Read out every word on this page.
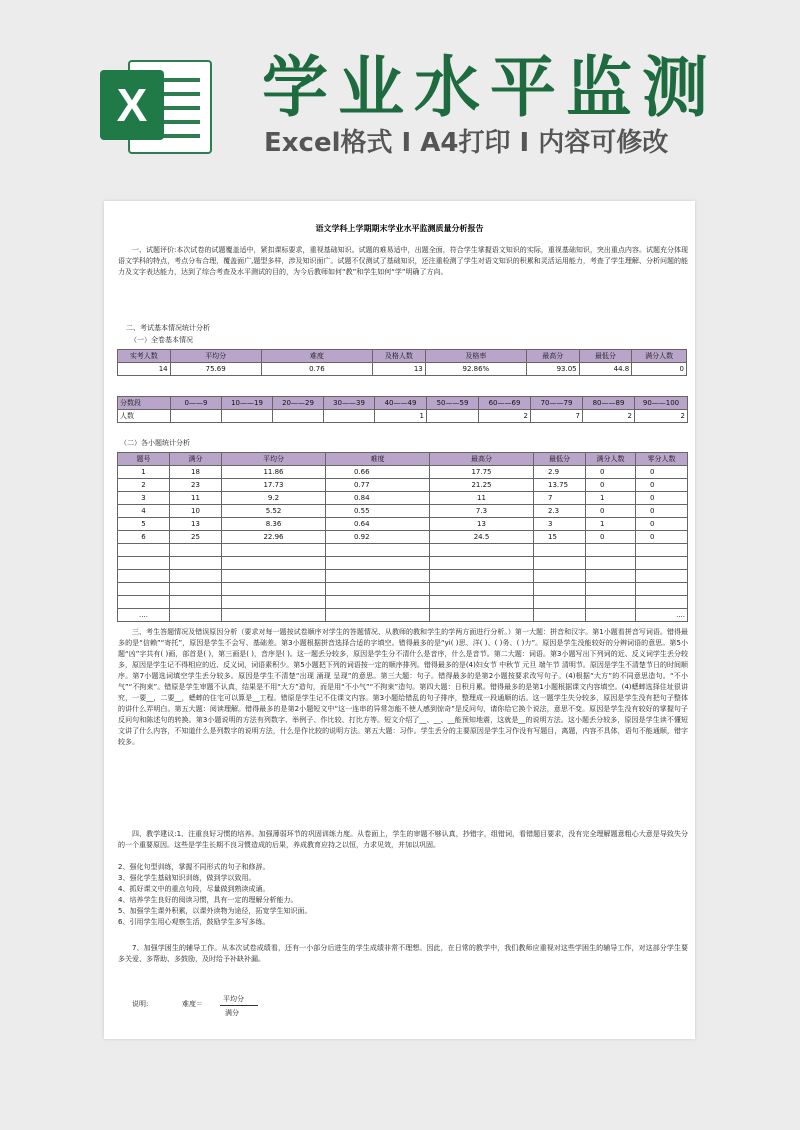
X 学业水平监测
Excel格式 I A4打印 I 内容可修改
语文学科上学期期末学业水平监测质量分析报告

一、试题评价:本次试卷的试题覆盖适中，紧扣课标要求，重视基础知识。试题的难易适中，出题全面，符合学生掌握语文知识的实际，重视基础知识，突出重点内容。试题充分体现语文学科的特点，考点分布合理，覆盖面广,题型多样，涉及知识面广。试题不仅测试了基础知识，还注重检测了学生对语文知识的积累和灵活运用能力，考查了学生理解、分析问题的能力及文字表达能力，达到了综合考查及水平测试的目的，为今后教师如何“教”和学生如何“学”明确了方向。

二、考试基本情况统计分析
（一）全卷基本情况
实考人数	平均分	难度	及格人数	及格率	最高分	最低分	满分人数
14	75.69	0.76	13	92.86%	93.05	44.8	0
分数段	0——9	10——19	20——29	30——39	40——49	50——59	60——69	70——79	80——89	90——100
人数					1		2	7	2	2
（二）各小题统计分析
题号	满分	平均分	难度	最高分	最低分	满分人数	零分人数
1	18	11.86	0.66	17.75	2.9	0	0
2	23	17.73	0.77	21.25	13.75	0	0
3	11	9.2	0.84	11	7	1	0
4	10	5.52	0.55	7.3	2.3	0	0
5	13	8.36	0.64	13	3	1	0
6	25	22.96	0.92	24.5	15	0	0

....							....

三、考生答题情况及错误原因分析（要求对每一题按试卷顺序对学生的答题情况、从教师的教和学生的学两方面进行分析。）第一大题：拼音和汉字。第1小题看拼音写词语。错得最多的是“信赖”“寄托”，原因是学生不会写、基础差。第3小题根据拼音选择合适的字填空。错得最多的是“yi( )思、洋( )、( )务、( )力”。原因是学生没能较好的分辨词语的意思。第5小题“凶”字共有( )画，部首是( )，第三画是( )，音序是( )。这一题丢分较多，原因是学生分不清什么是音序，什么是音节。第二大题：词语。第3小题写出下列词的近、反义词学生丢分较多，原因是学生记不得相应的近、反义词，词语素积少。第5小题把下列的词语按一定的顺序排列。错得最多的是(4)妇女节 中秋节 元旦 端午节 清明节。原因是学生不清楚节日的时间顺序。第7小题选词填空学生丢分较多。原因是学生不清楚“出现 涌现 呈现”的意思。第三大题：句子。错得最多的是第2小题按要求改写句子。(4)根据“大方”的不同意思造句。“不小气”“不拘束”。错原是学生审题不认真，结果是不用“大方”造句，而是用“不小气”“不拘束”造句。第四大题：日积月累。错得最多的是第1小题根据课文内容填空。(4)蟋蟀选择住址很讲究，一要__，二要__，蟋蟀的住宅可以算是__工程。错原是学生记不住课文内容。第3小题给错乱的句子排序，整理成一段通顺的话。这一题学生失分较多，原因是学生没有把句子整体的讲什么弄明白。第五大题：阅读理解。错得最多的是第2小题短文中“这一连串的异常怎能不使人感到惊奇”是反问句，请你给它换个说法，意思不变。原因是学生没有较好的掌握句子反问句和陈述句的转换。第3小题说明的方法有列数字、举例子、作比较、打比方等。短文介绍了__、__、__能预知地震，这就是__的说明方法。这小题丢分较多，原因是学生读不懂短文讲了什么内容，不知道什么是列数字的说明方法，什么是作比较的说明方法。第五大题：习作。学生丢分的主要原因是学生习作没有写题目，离题，内容不具体，语句不能通顺，错字较多。

四、教学建议:1、注重良好习惯的培养。加强薄弱环节的巩固训练力度。从卷面上，学生的审题不够认真，抄错字，组错词，看错题目要求，没有完全理解题意粗心大意是导致失分的一个重要原因。这些是学生长期不良习惯造成的后果，养成教育应持之以恒，力求见效，并加以巩固。

2、强化句型训练，掌握不同形式的句子和修辞。
3、强化学生基础知识训练，做到学以致用。
4、抓好课文中的重点句段，尽量做到熟读成诵。
4、培养学生良好的阅读习惯，具有一定的理解分析能力。
5、加强学生课外积累，以课外读物为途径，拓宽学生知识面。
6、引用学生用心观察生活，鼓励学生多写多练。

7、加强学困生的辅导工作。从本次试卷成绩看，还有一小部分后进生的学生成绩非常不理想。因此，在日常的教学中，我们教师应重视对这些学困生的辅导工作，对这部分学生要多关爱、多帮助、多鼓励，及时给予补缺补漏。

说明:	难度＝
平均分
满分
